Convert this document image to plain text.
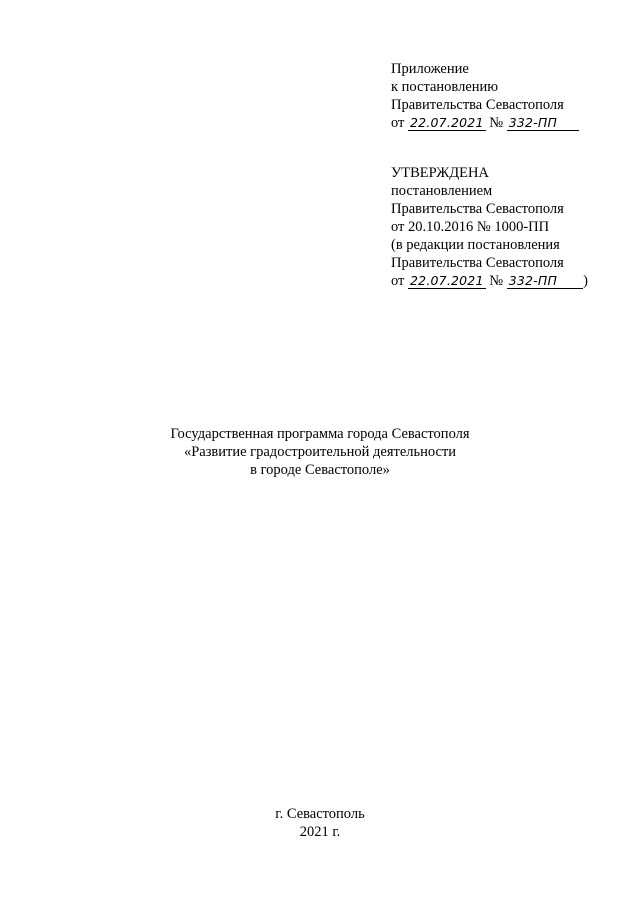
Приложение
к постановлению
Правительства Севастополя
от 22.07.2021 № 332-ПП
УТВЕРЖДЕНА
постановлением
Правительства Севастополя
от 20.10.2016 № 1000-ПП
(в редакции постановления
Правительства Севастополя
от 22.07.2021 № 332-ПП )
Государственная программа города Севастополя
«Развитие градостроительной деятельности
в городе Севастополе»
г. Севастополь
2021 г.
